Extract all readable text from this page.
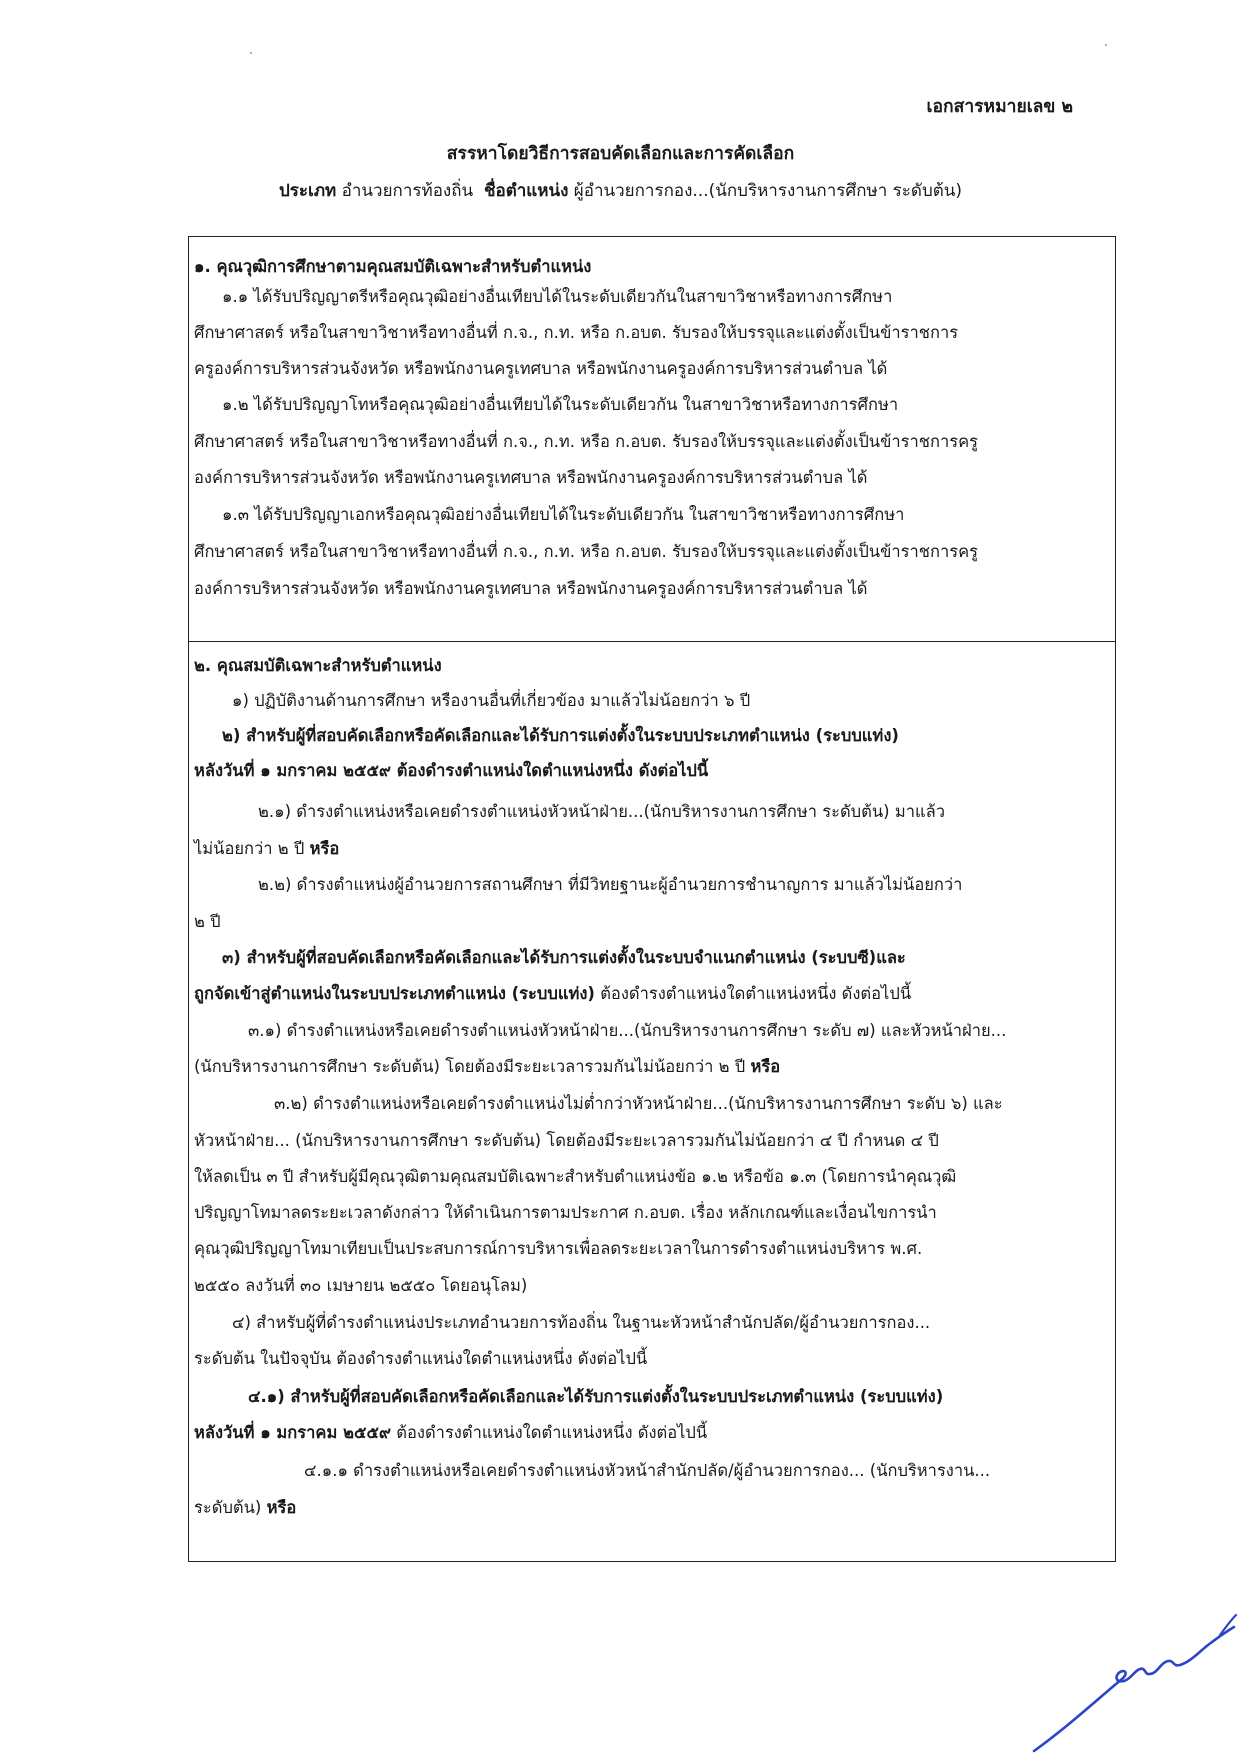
เอกสารหมายเลข ๒
สรรหาโดยวิธีการสอบคัดเลือกและการคัดเลือก
ประเภท อำนวยการท้องถิ่น ชื่อตำแหน่ง ผู้อำนวยการกอง...(นักบริหารงานการศึกษา ระดับต้น)
๑. คุณวุฒิการศึกษาตามคุณสมบัติเฉพาะสำหรับตำแหน่ง
๑.๑ ได้รับปริญญาตรีหรือคุณวุฒิอย่างอื่นเทียบได้ในระดับเดียวกันในสาขาวิชาหรือทางการศึกษา
ศึกษาศาสตร์ หรือในสาขาวิชาหรือทางอื่นที่ ก.จ., ก.ท. หรือ ก.อบต. รับรองให้บรรจุและแต่งตั้งเป็นข้าราชการ
ครูองค์การบริหารส่วนจังหวัด หรือพนักงานครูเทศบาล หรือพนักงานครูองค์การบริหารส่วนตำบล ได้
๑.๒ ได้รับปริญญาโทหรือคุณวุฒิอย่างอื่นเทียบได้ในระดับเดียวกัน ในสาขาวิชาหรือทางการศึกษา
ศึกษาศาสตร์ หรือในสาขาวิชาหรือทางอื่นที่ ก.จ., ก.ท. หรือ ก.อบต. รับรองให้บรรจุและแต่งตั้งเป็นข้าราชการครู
องค์การบริหารส่วนจังหวัด หรือพนักงานครูเทศบาล หรือพนักงานครูองค์การบริหารส่วนตำบล ได้
๑.๓ ได้รับปริญญาเอกหรือคุณวุฒิอย่างอื่นเทียบได้ในระดับเดียวกัน ในสาขาวิชาหรือทางการศึกษา
ศึกษาศาสตร์ หรือในสาขาวิชาหรือทางอื่นที่ ก.จ., ก.ท. หรือ ก.อบต. รับรองให้บรรจุและแต่งตั้งเป็นข้าราชการครู
องค์การบริหารส่วนจังหวัด หรือพนักงานครูเทศบาล หรือพนักงานครูองค์การบริหารส่วนตำบล ได้
๒. คุณสมบัติเฉพาะสำหรับตำแหน่ง
๑) ปฏิบัติงานด้านการศึกษา หรืองานอื่นที่เกี่ยวข้อง มาแล้วไม่น้อยกว่า ๖ ปี
๒) สำหรับผู้ที่สอบคัดเลือกหรือคัดเลือกและได้รับการแต่งตั้งในระบบประเภทตำแหน่ง (ระบบแท่ง)
หลังวันที่ ๑ มกราคม ๒๕๕๙ ต้องดำรงตำแหน่งใดตำแหน่งหนึ่ง ดังต่อไปนี้
๒.๑) ดำรงตำแหน่งหรือเคยดำรงตำแหน่งหัวหน้าฝ่าย...(นักบริหารงานการศึกษา ระดับต้น) มาแล้ว
ไม่น้อยกว่า ๒ ปี หรือ
๒.๒) ดำรงตำแหน่งผู้อำนวยการสถานศึกษา ที่มีวิทยฐานะผู้อำนวยการชำนาญการ มาแล้วไม่น้อยกว่า
๒ ปี
๓) สำหรับผู้ที่สอบคัดเลือกหรือคัดเลือกและได้รับการแต่งตั้งในระบบจำแนกตำแหน่ง (ระบบซี)และ
ถูกจัดเข้าสู่ตำแหน่งในระบบประเภทตำแหน่ง (ระบบแท่ง) ต้องดำรงตำแหน่งใดตำแหน่งหนึ่ง ดังต่อไปนี้
๓.๑) ดำรงตำแหน่งหรือเคยดำรงตำแหน่งหัวหน้าฝ่าย...(นักบริหารงานการศึกษา ระดับ ๗) และหัวหน้าฝ่าย...
(นักบริหารงานการศึกษา ระดับต้น) โดยต้องมีระยะเวลารวมกันไม่น้อยกว่า ๒ ปี หรือ
๓.๒) ดำรงตำแหน่งหรือเคยดำรงตำแหน่งไม่ต่ำกว่าหัวหน้าฝ่าย...(นักบริหารงานการศึกษา ระดับ ๖) และ
หัวหน้าฝ่าย... (นักบริหารงานการศึกษา ระดับต้น) โดยต้องมีระยะเวลารวมกันไม่น้อยกว่า ๔ ปี กำหนด ๔ ปี
ให้ลดเป็น ๓ ปี สำหรับผู้มีคุณวุฒิตามคุณสมบัติเฉพาะสำหรับตำแหน่งข้อ ๑.๒ หรือข้อ ๑.๓ (โดยการนำคุณวุฒิ
ปริญญาโทมาลดระยะเวลาดังกล่าว ให้ดำเนินการตามประกาศ ก.อบต. เรื่อง หลักเกณฑ์และเงื่อนไขการนำ
คุณวุฒิปริญญาโทมาเทียบเป็นประสบการณ์การบริหารเพื่อลดระยะเวลาในการดำรงตำแหน่งบริหาร พ.ศ.
๒๕๕๐ ลงวันที่ ๓๐ เมษายน ๒๕๕๐ โดยอนุโลม)
๔) สำหรับผู้ที่ดำรงตำแหน่งประเภทอำนวยการท้องถิ่น ในฐานะหัวหน้าสำนักปลัด/ผู้อำนวยการกอง...
ระดับต้น ในปัจจุบัน ต้องดำรงตำแหน่งใดตำแหน่งหนึ่ง ดังต่อไปนี้
๔.๑) สำหรับผู้ที่สอบคัดเลือกหรือคัดเลือกและได้รับการแต่งตั้งในระบบประเภทตำแหน่ง (ระบบแท่ง)
หลังวันที่ ๑ มกราคม ๒๕๕๙ ต้องดำรงตำแหน่งใดตำแหน่งหนึ่ง ดังต่อไปนี้
๔.๑.๑ ดำรงตำแหน่งหรือเคยดำรงตำแหน่งหัวหน้าสำนักปลัด/ผู้อำนวยการกอง... (นักบริหารงาน...
ระดับต้น) หรือ
